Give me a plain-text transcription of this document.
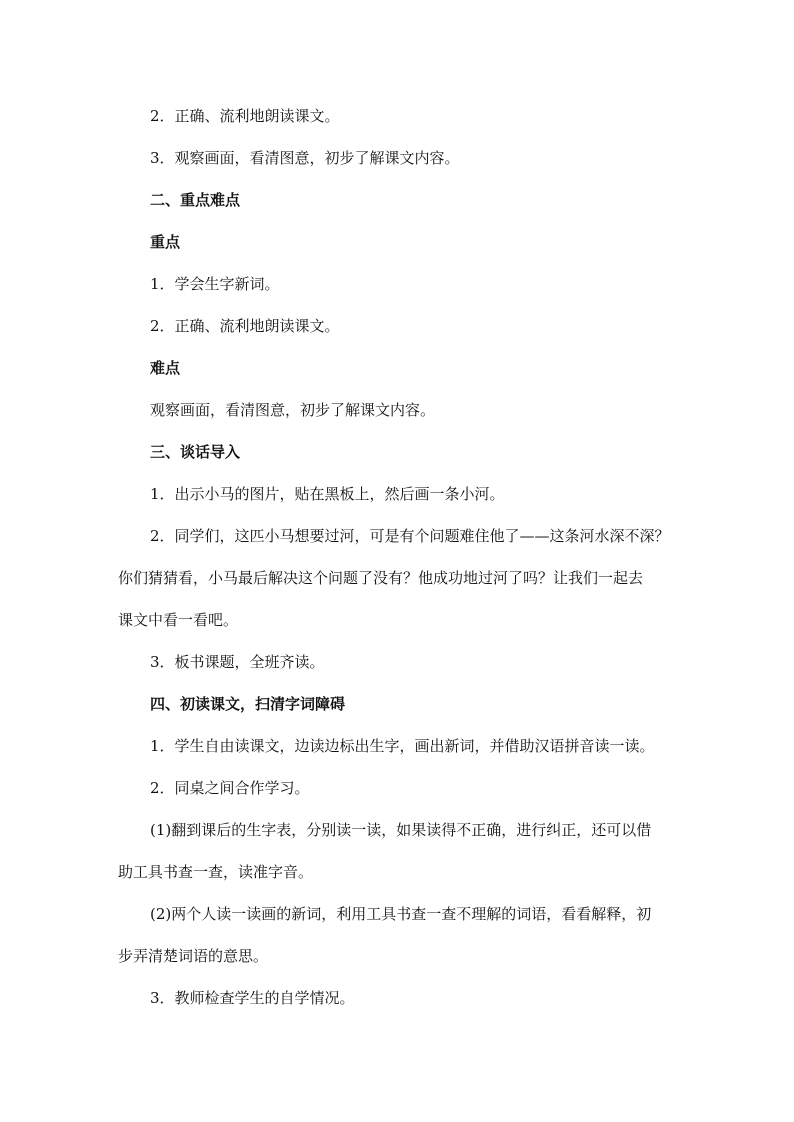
2．正确、流利地朗读课文。
3．观察画面，看清图意，初步了解课文内容。
二、重点难点
重点
1．学会生字新词。
2．正确、流利地朗读课文。
难点
观察画面，看清图意，初步了解课文内容。
三、谈话导入
1．出示小马的图片，贴在黑板上，然后画一条小河。
2．同学们，这匹小马想要过河，可是有个问题难住他了——这条河水深不深？
你们猜猜看，小马最后解决这个问题了没有？他成功地过河了吗？让我们一起去
课文中看一看吧。
3．板书课题，全班齐读。
四、初读课文，扫清字词障碍
1．学生自由读课文，边读边标出生字，画出新词，并借助汉语拼音读一读。
2．同桌之间合作学习。
(1)翻到课后的生字表，分别读一读，如果读得不正确，进行纠正，还可以借
助工具书查一查，读准字音。
(2)两个人读一读画的新词，利用工具书查一查不理解的词语，看看解释，初
步弄清楚词语的意思。
3．教师检查学生的自学情况。
